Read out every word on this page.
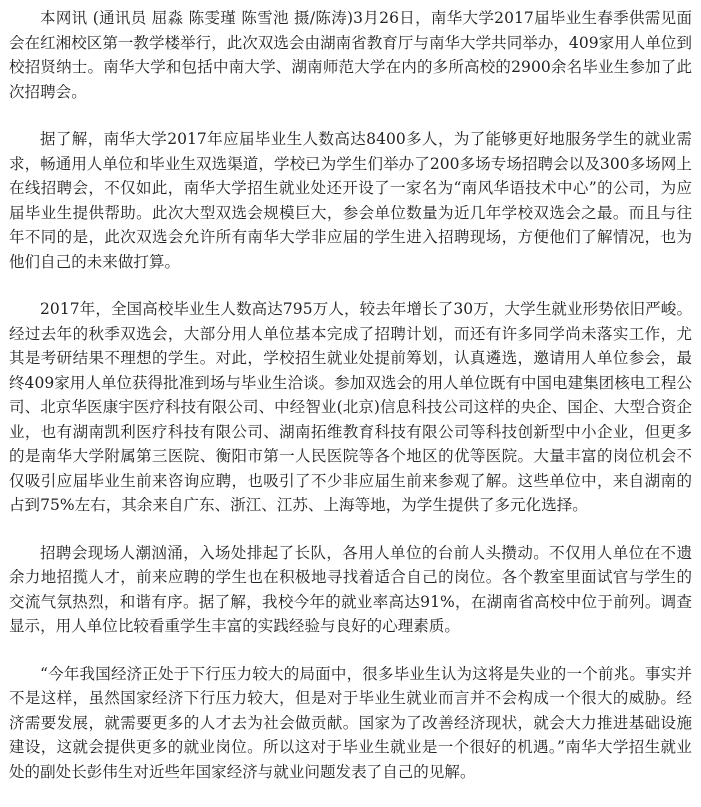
本网讯 (通讯员 屈淼 陈雯瑾 陈雪池 摄/陈涛)3月26日，南华大学2017届毕业生春季供需见面会在红湘校区第一教学楼举行，此次双选会由湖南省教育厅与南华大学共同举办，409家用人单位到校招贤纳士。南华大学和包括中南大学、湖南师范大学在内的多所高校的2900余名毕业生参加了此次招聘会。

据了解，南华大学2017年应届毕业生人数高达8400多人，为了能够更好地服务学生的就业需求，畅通用人单位和毕业生双选渠道，学校已为学生们举办了200多场专场招聘会以及300多场网上在线招聘会，不仅如此，南华大学招生就业处还开设了一家名为“南风华语技术中心”的公司，为应届毕业生提供帮助。此次大型双选会规模巨大，参会单位数量为近几年学校双选会之最。而且与往年不同的是，此次双选会允许所有南华大学非应届的学生进入招聘现场，方便他们了解情况，也为他们自己的未来做打算。

2017年，全国高校毕业生人数高达795万人，较去年增长了30万，大学生就业形势依旧严峻。经过去年的秋季双选会，大部分用人单位基本完成了招聘计划，而还有许多同学尚未落实工作，尤其是考研结果不理想的学生。对此，学校招生就业处提前筹划，认真遴选，邀请用人单位参会，最终409家用人单位获得批准到场与毕业生洽谈。参加双选会的用人单位既有中国电建集团核电工程公司、北京华医康宇医疗科技有限公司、中经智业(北京)信息科技公司这样的央企、国企、大型合资企业，也有湖南凯利医疗科技有限公司、湖南拓维教育科技有限公司等科技创新型中小企业，但更多的是南华大学附属第三医院、衡阳市第一人民医院等各个地区的优等医院。大量丰富的岗位机会不仅吸引应届毕业生前来咨询应聘，也吸引了不少非应届生前来参观了解。这些单位中，来自湖南的占到75%左右，其余来自广东、浙江、江苏、上海等地，为学生提供了多元化选择。

招聘会现场人潮汹涌，入场处排起了长队，各用人单位的台前人头攒动。不仅用人单位在不遗余力地招揽人才，前来应聘的学生也在积极地寻找着适合自己的岗位。各个教室里面试官与学生的交流气氛热烈，和谐有序。据了解，我校今年的就业率高达91%，在湖南省高校中位于前列。调查显示，用人单位比较看重学生丰富的实践经验与良好的心理素质。

“今年我国经济正处于下行压力较大的局面中，很多毕业生认为这将是失业的一个前兆。事实并不是这样，虽然国家经济下行压力较大，但是对于毕业生就业而言并不会构成一个很大的威胁。经济需要发展，就需要更多的人才去为社会做贡献。国家为了改善经济现状，就会大力推进基础设施建设，这就会提供更多的就业岗位。所以这对于毕业生就业是一个很好的机遇。”南华大学招生就业处的副处长彭伟生对近些年国家经济与就业问题发表了自己的见解。
